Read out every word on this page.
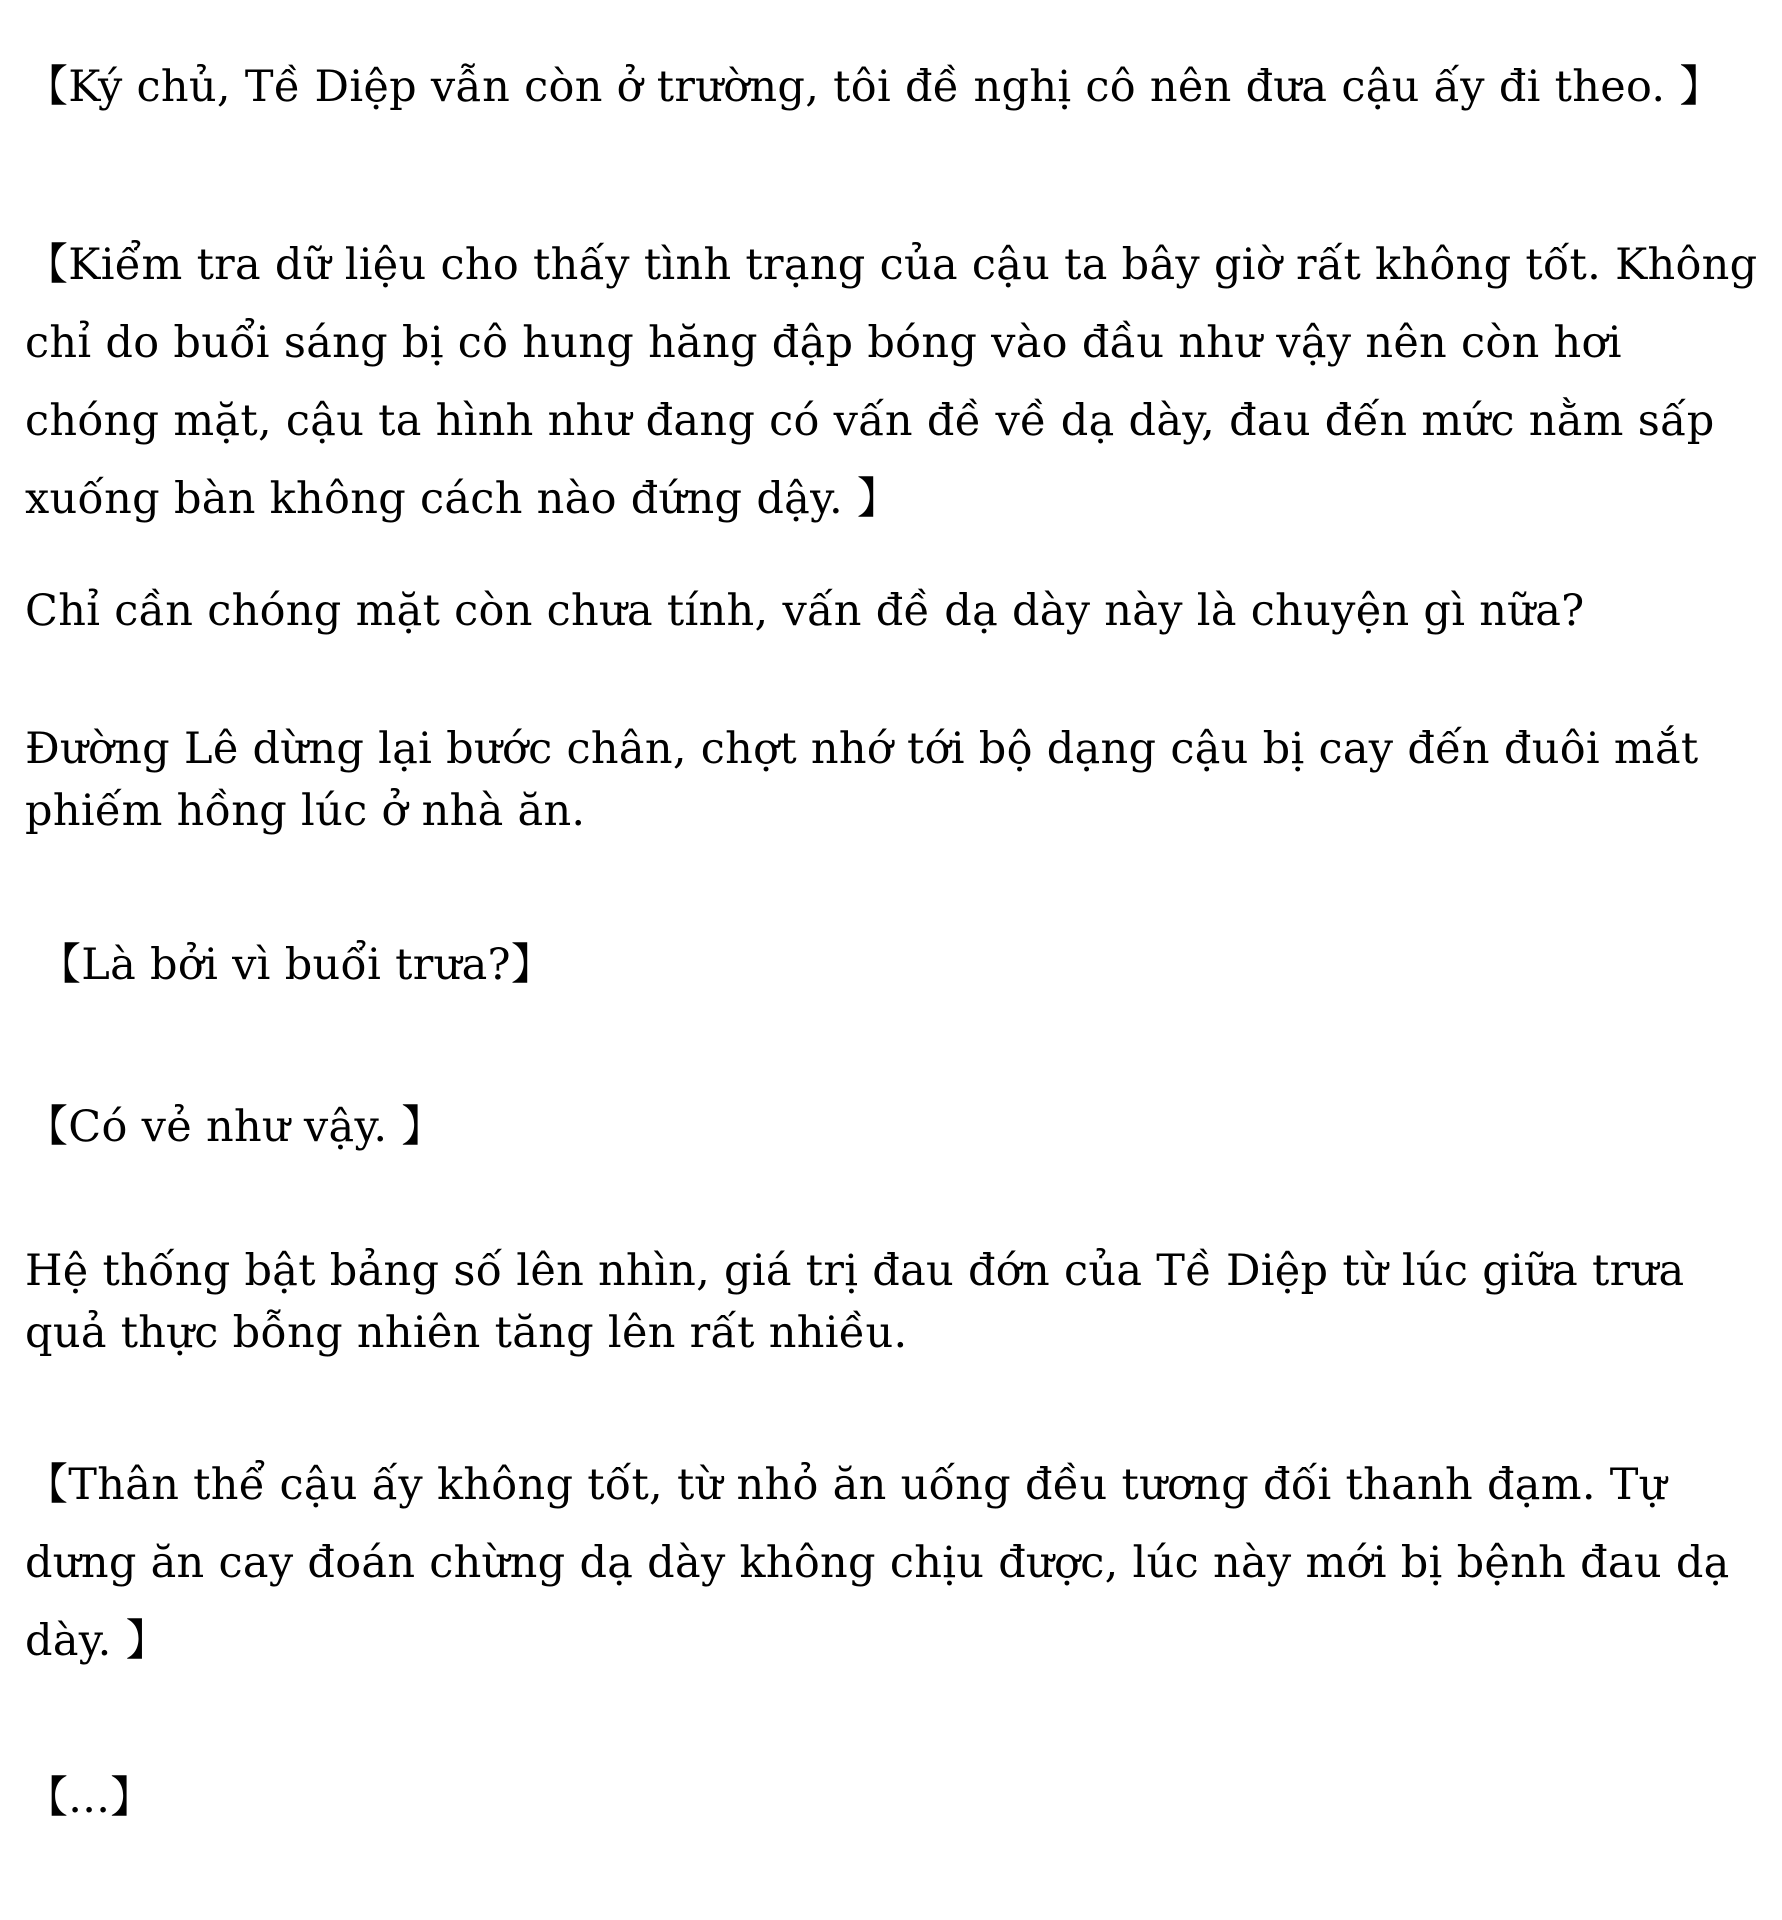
【Ký chủ, Tề Diệp vẫn còn ở trường, tôi đề nghị cô nên đưa cậu ấy đi theo. 】

【Kiểm tra dữ liệu cho thấy tình trạng của cậu ta bây giờ rất không tốt. Không chỉ do buổi sáng bị cô hung hăng đập bóng vào đầu như vậy nên còn hơi chóng mặt, cậu ta hình như đang có vấn đề về dạ dày, đau đến mức nằm sấp xuống bàn không cách nào đứng dậy. 】

Chỉ cần chóng mặt còn chưa tính, vấn đề dạ dày này là chuyện gì nữa?

Đường Lê dừng lại bước chân, chợt nhớ tới bộ dạng cậu bị cay đến đuôi mắt phiếm hồng lúc ở nhà ăn.

【Là bởi vì buổi trưa?】

【Có vẻ như vậy. 】

Hệ thống bật bảng số lên nhìn, giá trị đau đớn của Tề Diệp từ lúc giữa trưa quả thực bỗng nhiên tăng lên rất nhiều.

【Thân thể cậu ấy không tốt, từ nhỏ ăn uống đều tương đối thanh đạm. Tự dưng ăn cay đoán chừng dạ dày không chịu được, lúc này mới bị bệnh đau dạ dày. 】

【...】
